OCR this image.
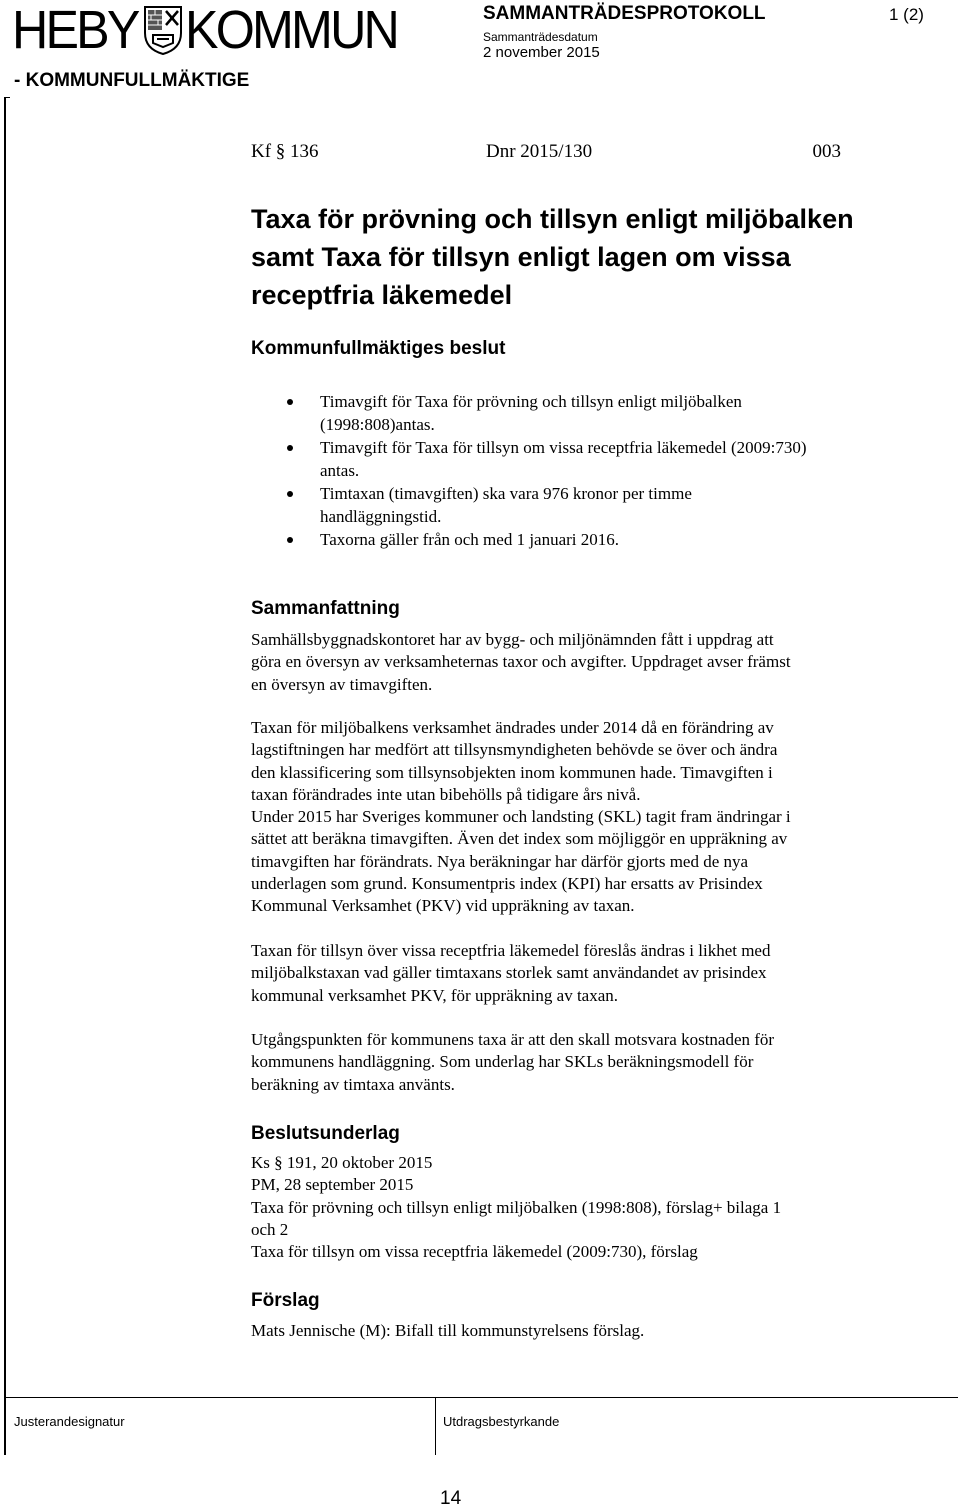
HEBY KOMMUN
- KOMMUNFULLMÄKTIGE
SAMMANTRÄDESPROTOKOLL
Sammanträdesdatum
2 november 2015
1 (2)
Kf § 136	Dnr 2015/130	003
Taxa för prövning och tillsyn enligt miljöbalken
samt Taxa för tillsyn enligt lagen om vissa
receptfria läkemedel
Kommunfullmäktiges beslut
Timavgift för Taxa för prövning och tillsyn enligt miljöbalken
(1998:808)antas.
Timavgift för Taxa för tillsyn om vissa receptfria läkemedel (2009:730)
antas.
Timtaxan (timavgiften) ska vara 976 kronor per timme
handläggningstid.
Taxorna gäller från och med 1 januari 2016.
Sammanfattning

Samhällsbyggnadskontoret har av bygg- och miljönämnden fått i uppdrag att
göra en översyn av verksamheternas taxor och avgifter. Uppdraget avser främst
en översyn av timavgiften.

Taxan för miljöbalkens verksamhet ändrades under 2014 då en förändring av
lagstiftningen har medfört att tillsynsmyndigheten behövde se över och ändra
den klassificering som tillsynsobjekten inom kommunen hade. Timavgiften i
taxan förändrades inte utan bibehölls på tidigare års nivå.
Under 2015 har Sveriges kommuner och landsting (SKL) tagit fram ändringar i
sättet att beräkna timavgiften. Även det index som möjliggör en uppräkning av
timavgiften har förändrats. Nya beräkningar har därför gjorts med de nya
underlagen som grund. Konsumentpris index (KPI) har ersatts av Prisindex
Kommunal Verksamhet (PKV) vid uppräkning av taxan.

Taxan för tillsyn över vissa receptfria läkemedel föreslås ändras i likhet med
miljöbalkstaxan vad gäller timtaxans storlek samt användandet av prisindex
kommunal verksamhet PKV, för uppräkning av taxan.

Utgångspunkten för kommunens taxa är att den skall motsvara kostnaden för
kommunens handläggning. Som underlag har SKLs beräkningsmodell för
beräkning av timtaxa använts.

Beslutsunderlag

Ks § 191, 20 oktober 2015
PM, 28 september 2015
Taxa för prövning och tillsyn enligt miljöbalken (1998:808), förslag+ bilaga 1
och 2
Taxa för tillsyn om vissa receptfria läkemedel (2009:730), förslag

Förslag

Mats Jennische (M): Bifall till kommunstyrelsens förslag.

Justerandesignatur	Utdragsbestyrkande
14
